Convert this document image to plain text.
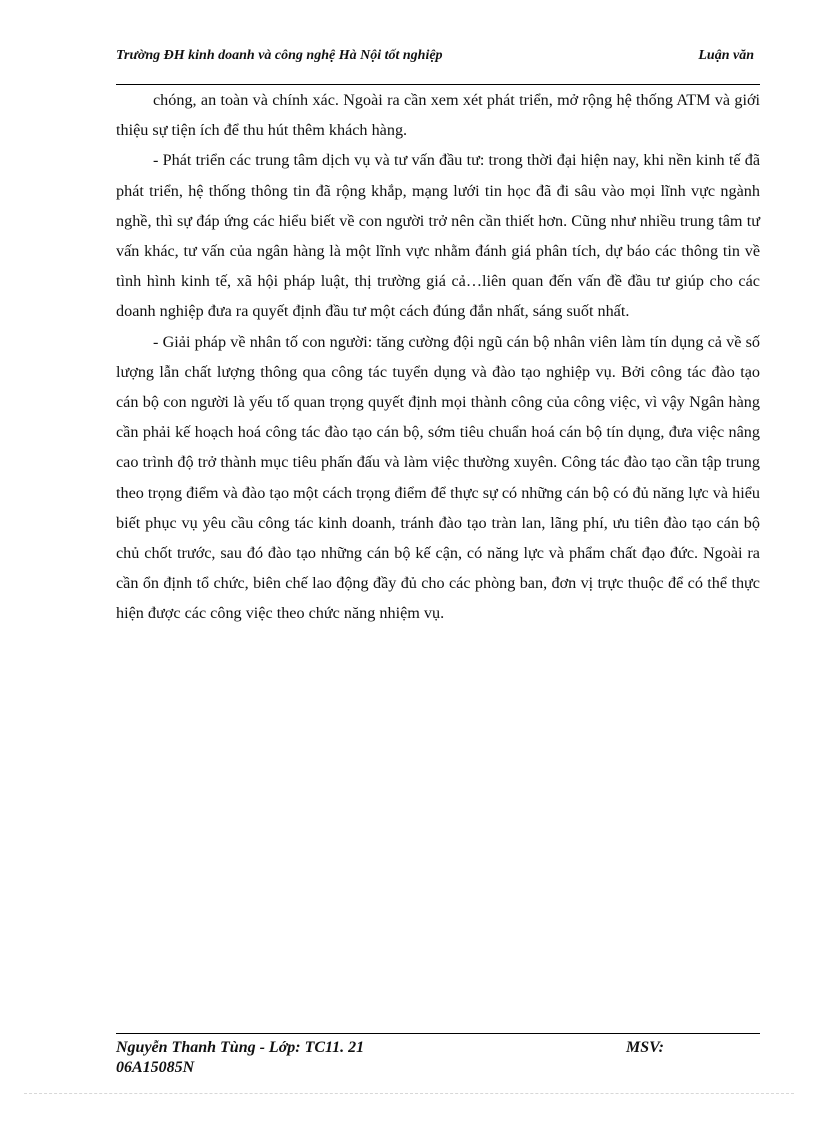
Trường ĐH kinh doanh và công nghệ Hà Nội tốt nghiệp	Luận văn

chóng, an toàn và chính xác. Ngoài ra cần xem xét phát triển, mở rộng hệ thống ATM và giới thiệu sự tiện ích để thu hút thêm khách hàng.

- Phát triển các trung tâm dịch vụ và tư vấn đầu tư: trong thời đại hiện nay, khi nền kinh tế đã phát triển, hệ thống thông tin đã rộng khắp, mạng lưới tin học đã đi sâu vào mọi lĩnh vực ngành nghề, thì sự đáp ứng các hiểu biết về con người trở nên cần thiết hơn. Cũng như nhiều trung tâm tư vấn khác, tư vấn của ngân hàng là một lĩnh vực nhằm đánh giá phân tích, dự báo các thông tin về tình hình kinh tế, xã hội pháp luật, thị trường giá cả…liên quan đến vấn đề đầu tư giúp cho các doanh nghiệp đưa ra quyết định đầu tư một cách đúng đắn nhất, sáng suốt nhất.

- Giải pháp về nhân tố con người: tăng cường đội ngũ cán bộ nhân viên làm tín dụng cả về số lượng lẫn chất lượng thông qua công tác tuyển dụng và đào tạo nghiệp vụ. Bởi công tác đào tạo cán bộ con người là yếu tố quan trọng quyết định mọi thành công của công việc, vì vậy Ngân hàng cần phải kế hoạch hoá công tác đào tạo cán bộ, sớm tiêu chuẩn hoá cán bộ tín dụng, đưa việc nâng cao trình độ trở thành mục tiêu phấn đấu và làm việc thường xuyên. Công tác đào tạo cần tập trung theo trọng điểm và đào tạo một cách trọng điểm để thực sự có những cán bộ có đủ năng lực và hiểu biết phục vụ yêu cầu công tác kinh doanh, tránh đào tạo tràn lan, lãng phí, ưu tiên đào tạo cán bộ chủ chốt trước, sau đó đào tạo những cán bộ kế cận, có năng lực và phẩm chất đạo đức. Ngoài ra cần ổn định tổ chức, biên chế lao động đầy đủ cho các phòng ban, đơn vị trực thuộc để có thể thực hiện được các công việc theo chức năng nhiệm vụ.

Nguyễn Thanh Tùng - Lớp: TC11. 21 06A15085N
MSV:
